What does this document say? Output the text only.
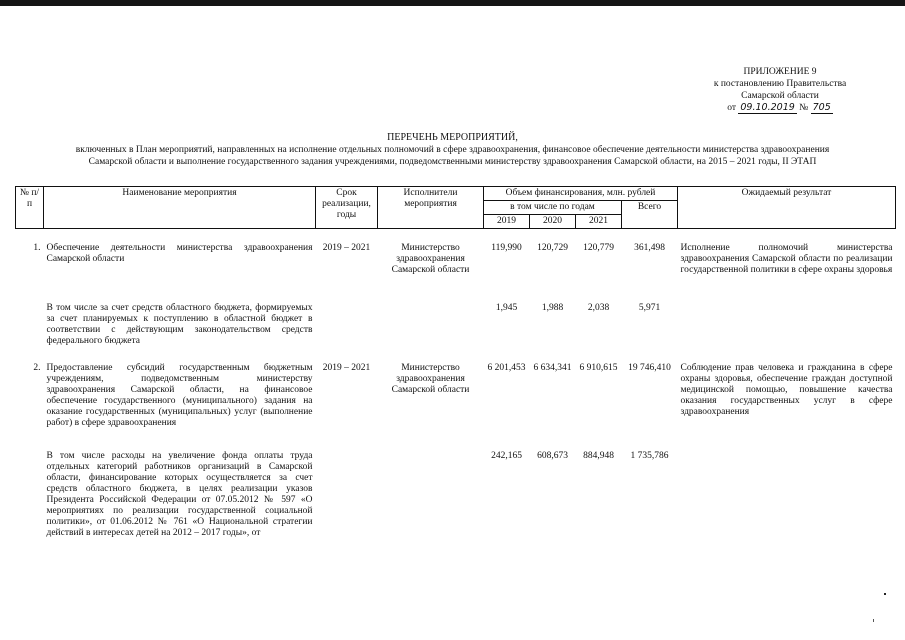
ПРИЛОЖЕНИЕ 9
к постановлению Правительства
Самарской области
от 09.10.2019 № 705
ПЕРЕЧЕНЬ МЕРОПРИЯТИЙ,
включенных в План мероприятий, направленных на исполнение отдельных полномочий в сфере здравоохранения, финансовое обеспечение деятельности министерства здравоохранения
Самарской области и выполнение государственного задания учреждениями, подведомственными министерству здравоохранения Самарской области, на 2015 – 2021 годы, II ЭТАП
№ п/п	Наименование мероприятия	Срок реализации, годы	Исполнители мероприятия	Объем финансирования, млн. рублей				Ожидаемый результат
				в том числе по годам			Всего	
				2019	2020	2021		
1.	Обеспечение деятельности министерства здравоохранения Самарской области	2019 – 2021	Министерство здравоохранения Самарской области	119,990	120,729	120,779	361,498	Исполнение полномочий министерства здравоохранения Самарской области по реализации государственной политики в сфере охраны здоровья
	В том числе за счет средств областного бюджета, формируемых за счет планируемых к поступлению в областной бюджет в соответствии с действующим законодательством средств федерального бюджета			1,945	1,988	2,038	5,971	
2.	Предоставление субсидий государственным бюджетным учреждениям, подведомственным министерству здравоохранения Самарской области, на финансовое обеспечение государственного (муниципального) задания на оказание государственных (муниципальных) услуг (выполнение работ) в сфере здравоохранения	2019 – 2021	Министерство здравоохранения Самарской области	6 201,453	6 634,341	6 910,615	19 746,410	Соблюдение прав человека и гражданина в сфере охраны здоровья, обеспечение граждан доступной медицинской помощью, повышение качества оказания государственных услуг в сфере здравоохранения
	В том числе расходы на увеличение фонда оплаты труда отдельных категорий работников организаций в Самарской области, финансирование которых осуществляется за счет средств областного бюджета, в целях реализации указов Президента Российской Федерации от 07.05.2012 № 597 «О мероприятиях по реализации государственной социальной политики», от 01.06.2012 № 761 «О Национальной стратегии действий в интересах детей на 2012 – 2017 годы», от			242,165	608,673	884,948	1 735,786	
